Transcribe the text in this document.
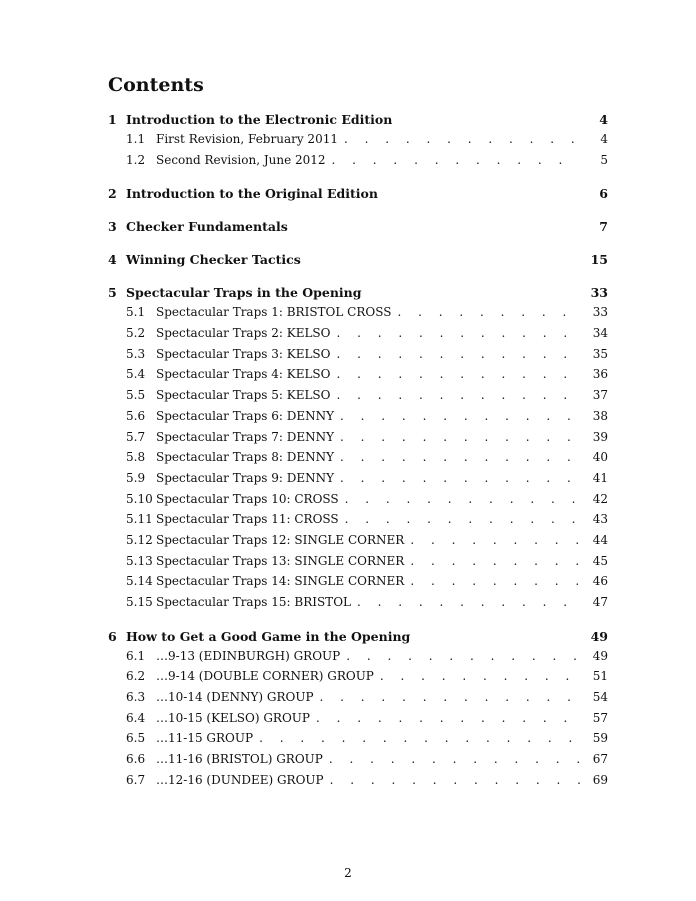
Contents
1 Introduction to the Electronic Edition	4
1.1 First Revision, February 2011 . . .	4
1.2 Second Revision, June 2012 . . .	5
2 Introduction to the Original Edition	6
3 Checker Fundamentals	7
4 Winning Checker Tactics	15
5 Spectacular Traps in the Opening	33
5.1 Spectacular Traps 1: BRISTOL CROSS . . .	33
5.2 Spectacular Traps 2: KELSO . . .	34
5.3 Spectacular Traps 3: KELSO . . .	35
5.4 Spectacular Traps 4: KELSO . . .	36
5.5 Spectacular Traps 5: KELSO . . .	37
5.6 Spectacular Traps 6: DENNY . . .	38
5.7 Spectacular Traps 7: DENNY . . .	39
5.8 Spectacular Traps 8: DENNY . . .	40
5.9 Spectacular Traps 9: DENNY . . .	41
5.10 Spectacular Traps 10: CROSS . . .	42
5.11 Spectacular Traps 11: CROSS . . .	43
5.12 Spectacular Traps 12: SINGLE CORNER . . .	44
5.13 Spectacular Traps 13: SINGLE CORNER . . .	45
5.14 Spectacular Traps 14: SINGLE CORNER . . .	46
5.15 Spectacular Traps 15: BRISTOL . . .	47
6 How to Get a Good Game in the Opening	49
6.1 …9-13 (EDINBURGH) GROUP . . .	49
6.2 …9-14 (DOUBLE CORNER) GROUP . . .	51
6.3 …10-14 (DENNY) GROUP . . .	54
6.4 …10-15 (KELSO) GROUP . . .	57
6.5 …11-15 GROUP . . .	59
6.6 …11-16 (BRISTOL) GROUP . . .	67
6.7 …12-16 (DUNDEE) GROUP . . .	69
2
